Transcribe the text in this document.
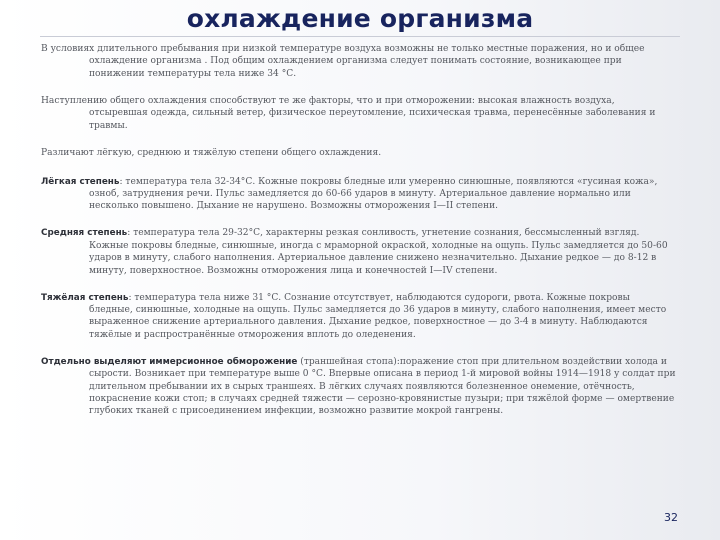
охлаждение организма

В условиях длительного пребывания при низкой температуре воздуха возможны не только местные поражения, но и общее охлаждение организма . Под общим охлаждением организма следует понимать состояние, возникающее при понижении температуры тела ниже 34 °С.

Наступлению общего охлаждения способствуют те же факторы, что и при отморожении: высокая влажность воздуха, отсыревшая одежда, сильный ветер, физическое переутомление, психическая травма, перенесённые заболевания и травмы.

Различают лёгкую, среднюю и тяжёлую степени общего охлаждения.

Лёгкая степень: температура тела 32-34°С. Кожные покровы бледные или умеренно синюшные, появляются «гусиная кожа», озноб, затруднения речи. Пульс замедляется до 60-66 ударов в минуту. Артериальное давление нормально или несколько повышено. Дыхание не нарушено. Возможны отморожения I—II степени.

Средняя степень: температура тела 29-32°С, характерны резкая сонливость, угнетение сознания, бессмысленный взгляд. Кожные покровы бледные, синюшные, иногда с мраморной окраской, холодные на ощупь. Пульс замедляется до 50-60 ударов в минуту, слабого наполнения. Артериальное давление снижено незначительно. Дыхание редкое — до 8-12 в минуту, поверхностное. Возможны отморожения лица и конечностей I—IV степени.

Тяжёлая степень: температура тела ниже 31 °С. Сознание отсутствует, наблюдаются судороги, рвота. Кожные покровы бледные, синюшные, холодные на ощупь. Пульс замедляется до 36 ударов в минуту, слабого наполнения, имеет место выраженное снижение артериального давления. Дыхание редкое, поверхностное — до 3-4 в минуту. Наблюдаются тяжёлые и распространённые отморожения вплоть до оледенения.

Отдельно выделяют иммерсионное обморожение (траншейная стопа):поражение стоп при длительном воздействии холода и сырости. Возникает при температуре выше 0 °С. Впервые описана в период 1-й мировой войны 1914—1918 у солдат при длительном пребывании их в сырых траншеях. В лёгких случаях появляются болезненное онемение, отёчность, покраснение кожи стоп; в случаях средней тяжести — серозно-кровянистые пузыри; при тяжёлой форме — омертвение глубоких тканей с присоединением инфекции, возможно развитие мокрой гангрены.

32
